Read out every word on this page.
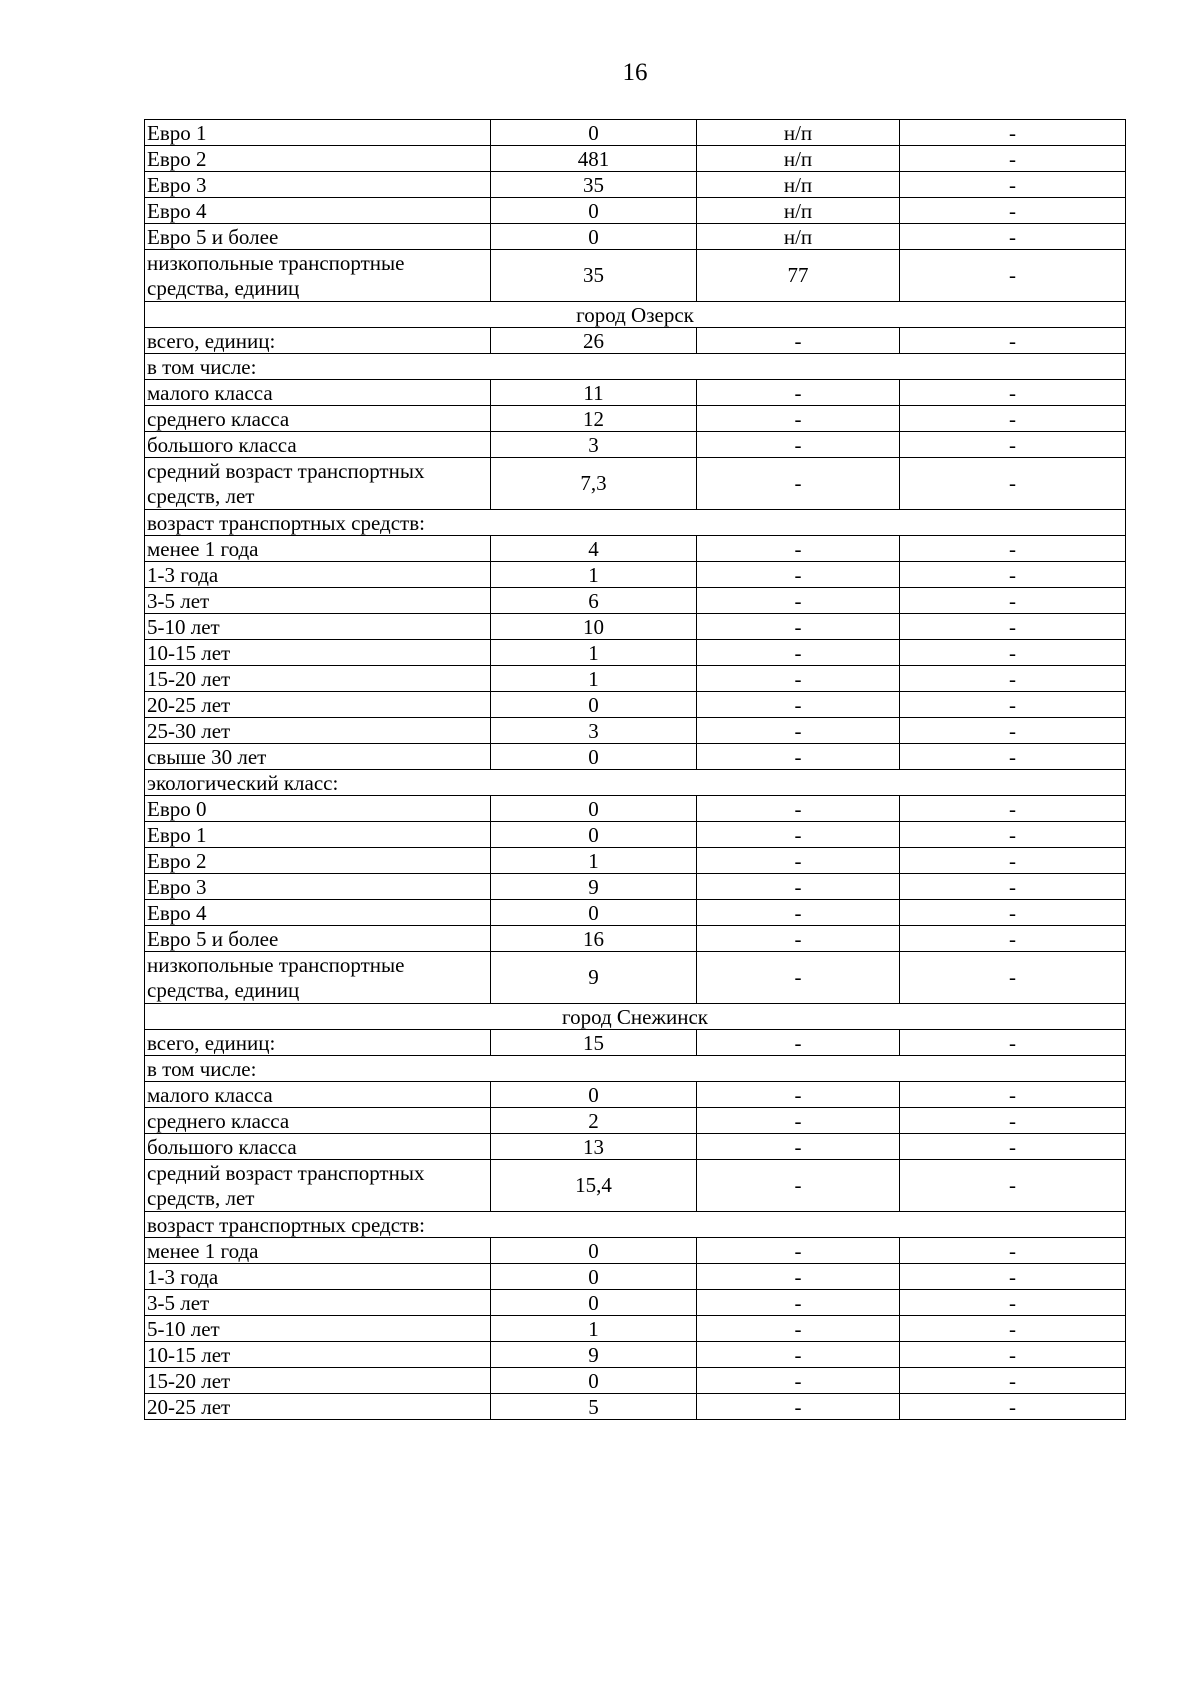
16
Евро 1	0	н/п	-
Евро 2	481	н/п	-
Евро 3	35	н/п	-
Евро 4	0	н/п	-
Евро 5 и более	0	н/п	-
низкопольные транспортные средства, единиц	35	77	-
город Озерск			
всего, единиц:	26	-	-
в том числе:			
малого класса	11	-	-
среднего класса	12	-	-
большого класса	3	-	-
средний возраст транспортных средств, лет	7,3	-	-
возраст транспортных средств:			
менее 1 года	4	-	-
1-3 года	1	-	-
3-5 лет	6	-	-
5-10 лет	10	-	-
10-15 лет	1	-	-
15-20 лет	1	-	-
20-25 лет	0	-	-
25-30 лет	3	-	-
свыше 30 лет	0	-	-
экологический класс:			
Евро 0	0	-	-
Евро 1	0	-	-
Евро 2	1	-	-
Евро 3	9	-	-
Евро 4	0	-	-
Евро 5 и более	16	-	-
низкопольные транспортные средства, единиц	9	-	-
город Снежинск			
всего, единиц:	15	-	-
в том числе:			
малого класса	0	-	-
среднего класса	2	-	-
большого класса	13	-	-
средний возраст транспортных средств, лет	15,4	-	-
возраст транспортных средств:			
менее 1 года	0	-	-
1-3 года	0	-	-
3-5 лет	0	-	-
5-10 лет	1	-	-
10-15 лет	9	-	-
15-20 лет	0	-	-
20-25 лет	5	-	-
